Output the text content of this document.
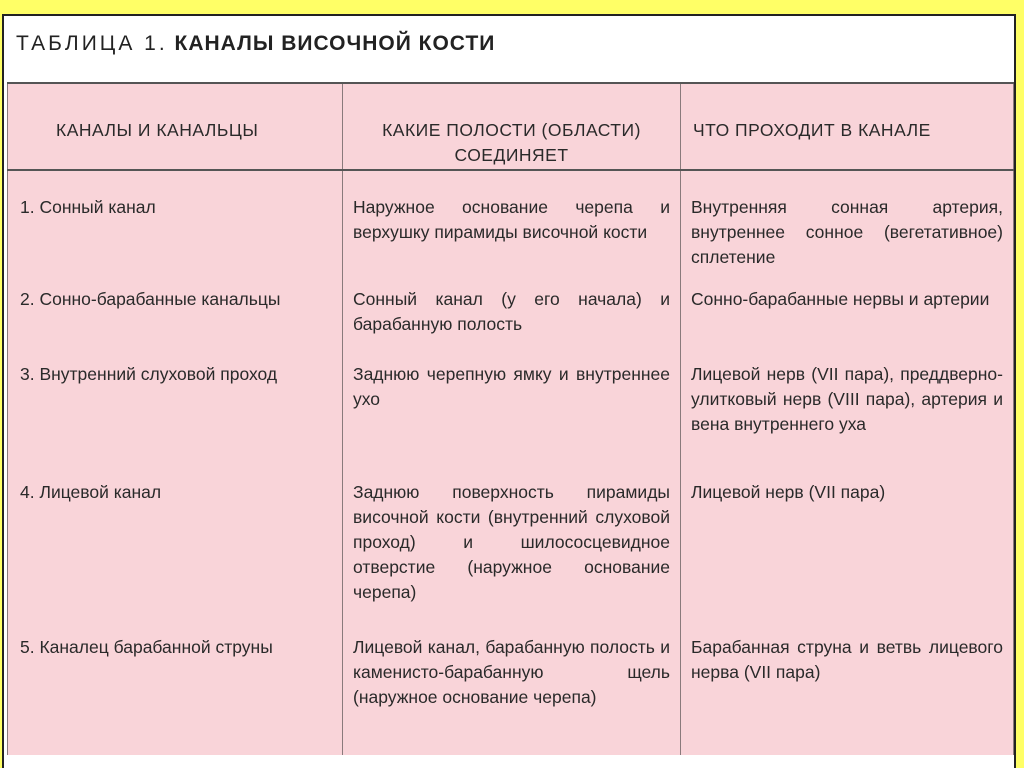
ТАБЛИЦА 1. КАНАЛЫ ВИСОЧНОЙ КОСТИ
КАНАЛЫ И КАНАЛЬЦЫ	КАКИЕ ПОЛОСТИ (ОБЛАСТИ) СОЕДИНЯЕТ	ЧТО ПРОХОДИТ В КАНАЛЕ
1. Сонный канал	Наружное основание черепа и верхушку пирамиды височной кости	Внутренняя сонная артерия, внутреннее сонное (вегетативное) сплетение
2. Сонно-барабанные канальцы	Сонный канал (у его начала) и барабанную полость	Сонно-барабанные нервы и артерии
3. Внутренний слуховой проход	Заднюю черепную ямку и внутреннее ухо	Лицевой нерв (VII пара), преддверно-улитковый нерв (VIII пара), артерия и вена внутреннего уха
4. Лицевой канал	Заднюю поверхность пирамиды височной кости (внутренний слуховой проход) и шилососцевидное отверстие (наружное основание черепа)	Лицевой нерв (VII пара)
5. Каналец барабанной струны	Лицевой канал, барабанную полость и каменисто-барабанную щель (наружное основание черепа)	Барабанная струна и ветвь лицевого нерва (VII пара)
